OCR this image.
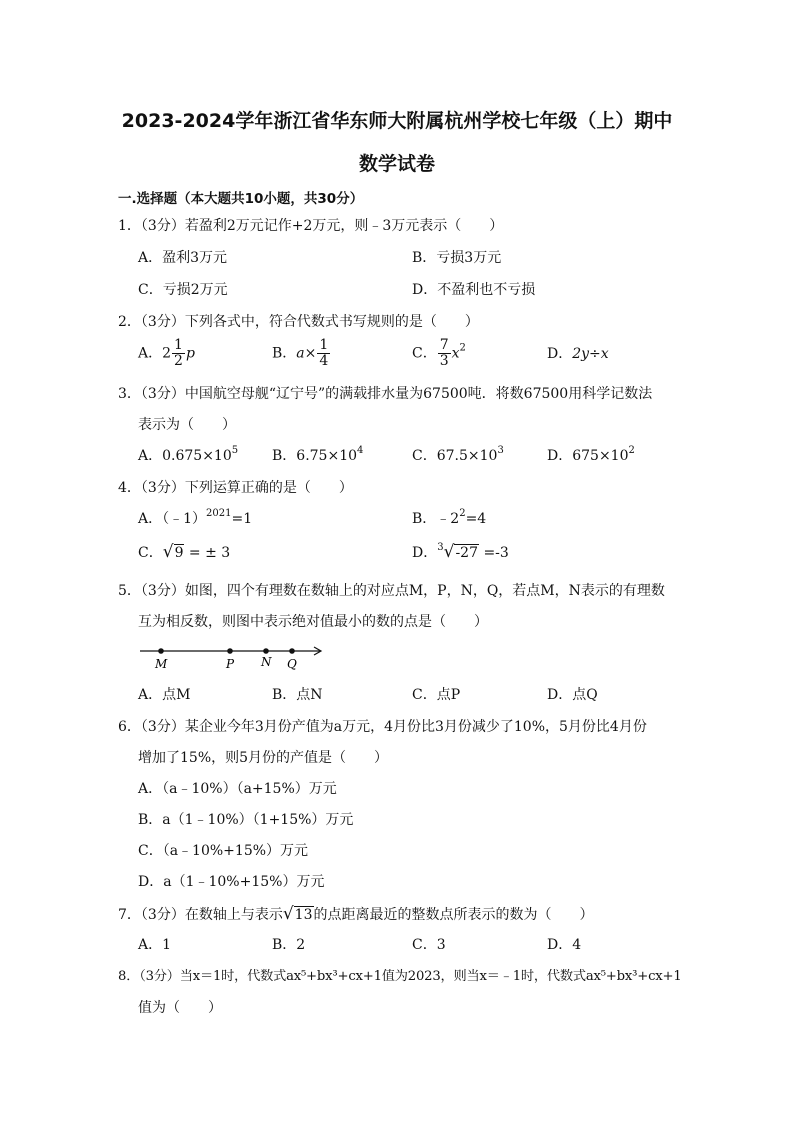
2023-2024学年浙江省华东师大附属杭州学校七年级（上）期中
数学试卷
一.选择题（本大题共10小题，共30分）
1．（3分）若盈利2万元记作+2万元，则﹣3万元表示（　　）
A．盈利3万元	B．亏损3万元
C．亏损2万元	D．不盈利也不亏损
2．（3分）下列各式中，符合代数式书写规则的是（　　）
A．$2 \frac{1}{2}$ p	B．$a\times \frac{1}{4}$	C． $\frac{7}{3} x^2$	D．2y÷x
3．（3分）中国航空母舰“辽宁号”的满载排水量为67500吨．将数67500用科学记数法
表示为（　　）
A．$0.675\times 10^5$ B．$6.75\times 10^4$	C．$67.5\times 10^3$	D．$675\times 10^2$
4．（3分）下列运算正确的是（　　）
A．（﹣1）$^{2021}$=1	B．$﹣2^2=4$
C．√9 = ± 3	D．$^3$√-27 =-3
5．（3分）如图，四个有理数在数轴上的对应点M，P，N，Q，若点M，N表示的有理数
互为相反数，则图中表示绝对值最小的数的点是（　　）
M	P N Q
A．点M	B．点N	C．点P	D．点Q
6．（3分）某企业今年3月份产值为a万元，4月份比3月份减少了10%，5月份比4月份
增加了15%，则5月份的产值是（　　）
A．（a﹣10%）（a+15%）万元
B．a（1﹣10%）（1+15%）万元
C．（a﹣10%+15%）万元
D．a（1﹣10%+15%）万元
7．（3分）在数轴上与表示√13的点距离最近的整数点所表示的数为（　　）
A．1	B．2	C．3	D．4
8．（3分）当x＝1时，代数式ax⁵+bx³+cx+1值为2023，则当x＝﹣1时，代数式ax⁵+bx³+cx+1
值为（　　）
